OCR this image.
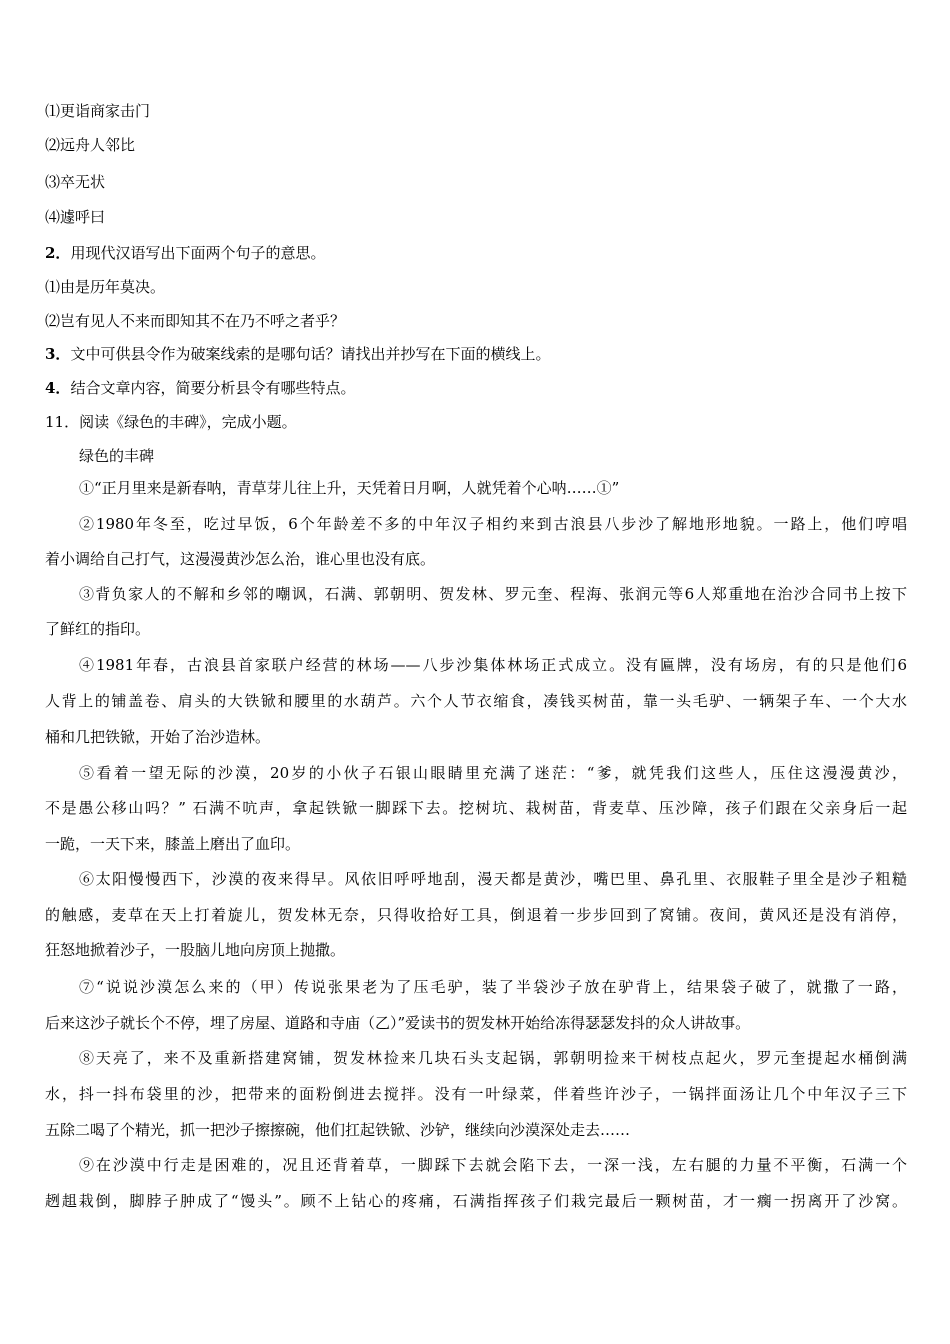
⑴更诣商家击门
⑵远舟人邻比
⑶卒无状
⑷遽呼曰
2．用现代汉语写出下面两个句子的意思。
⑴由是历年莫决。
⑵岂有见人不来而即知其不在乃不呼之者乎？
3．文中可供县令作为破案线索的是哪句话？请找出并抄写在下面的横线上。
4．结合文章内容，简要分析县令有哪些特点。
11．阅读《绿色的丰碑》，完成小题。
绿色的丰碑
①“正月里来是新春呐，青草芽儿往上升，天凭着日月啊，人就凭着个心呐……①”
②1980年冬至，吃过早饭，6个年龄差不多的中年汉子相约来到古浪县八步沙了解地形地貌。一路上，他们哼唱
着小调给自己打气，这漫漫黄沙怎么治，谁心里也没有底。
③背负家人的不解和乡邻的嘲讽，石满、郭朝明、贺发林、罗元奎、程海、张润元等6人郑重地在治沙合同书上按下
了鲜红的指印。
④1981年春，古浪县首家联户经营的林场——八步沙集体林场正式成立。没有匾牌，没有场房，有的只是他们6
人背上的铺盖卷、肩头的大铁锨和腰里的水葫芦。六个人节衣缩食，凑钱买树苗，靠一头毛驴、一辆架子车、一个大水
桶和几把铁锨，开始了治沙造林。
⑤看着一望无际的沙漠，20岁的小伙子石银山眼睛里充满了迷茫：“爹，就凭我们这些人，压住这漫漫黄沙，
不是愚公移山吗？” 石满不吭声，拿起铁锨一脚踩下去。挖树坑、栽树苗，背麦草、压沙障，孩子们跟在父亲身后一起
一跪，一天下来，膝盖上磨出了血印。
⑥太阳慢慢西下，沙漠的夜来得早。风依旧呼呼地刮，漫天都是黄沙，嘴巴里、鼻孔里、衣服鞋子里全是沙子粗糙
的触感，麦草在天上打着旋儿，贺发林无奈，只得收拾好工具，倒退着一步步回到了窝铺。夜间，黄风还是没有消停，
狂怒地掀着沙子，一股脑儿地向房顶上抛撒。
⑦“说说沙漠怎么来的（甲）传说张果老为了压毛驴，装了半袋沙子放在驴背上，结果袋子破了，就撒了一路，
后来这沙子就长个不停，埋了房屋、道路和寺庙（乙）”爱读书的贺发林开始给冻得瑟瑟发抖的众人讲故事。
⑧天亮了，来不及重新搭建窝铺，贺发林捡来几块石头支起锅，郭朝明捡来干树枝点起火，罗元奎提起水桶倒满
水，抖一抖布袋里的沙，把带来的面粉倒进去搅拌。没有一叶绿菜，伴着些许沙子，一锅拌面汤让几个中年汉子三下
五除二喝了个精光，抓一把沙子擦擦碗，他们扛起铁锨、沙铲，继续向沙漠深处走去……
⑨在沙漠中行走是困难的，况且还背着草，一脚踩下去就会陷下去，一深一浅，左右腿的力量不平衡，石满一个
趔趄栽倒，脚脖子肿成了“馒头”。顾不上钻心的疼痛，石满指挥孩子们栽完最后一颗树苗，才一瘸一拐离开了沙窝。
